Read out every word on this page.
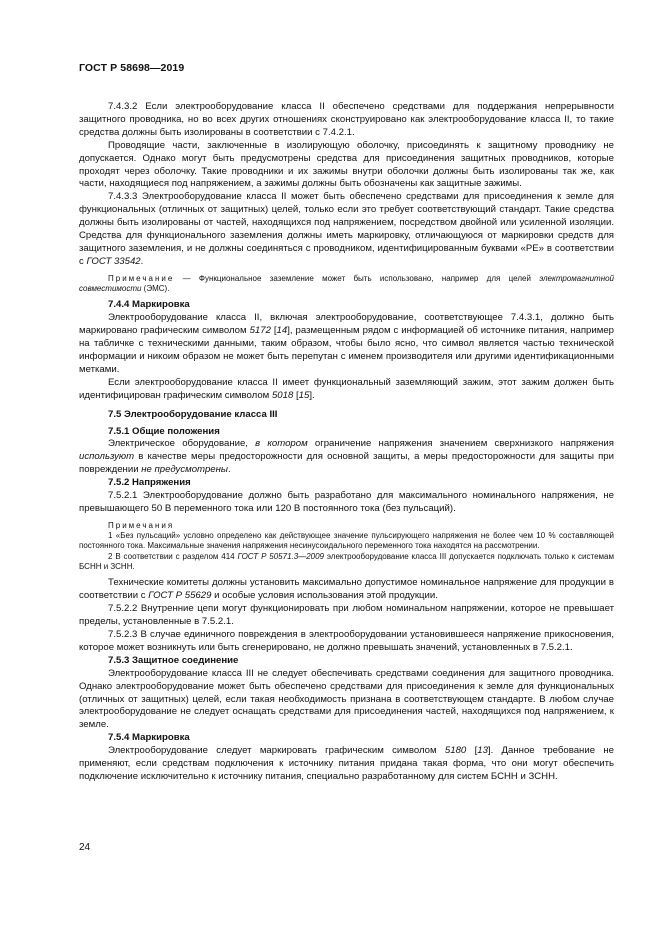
ГОСТ Р 58698—2019

7.4.3.2 Если электрооборудование класса II обеспечено средствами для поддержания непрерывности защитного проводника, но во всех других отношениях сконструировано как электрооборудование класса II, то такие средства должны быть изолированы в соответствии с 7.4.2.1.

Проводящие части, заключенные в изолирующую оболочку, присоединять к защитному проводнику не допускается. Однако могут быть предусмотрены средства для присоединения защитных проводников, которые проходят через оболочку. Такие проводники и их зажимы внутри оболочки должны быть изолированы так же, как части, находящиеся под напряжением, а зажимы должны быть обозначены как защитные зажимы.

7.4.3.3 Электрооборудование класса II может быть обеспечено средствами для присоединения к земле для функциональных (отличных от защитных) целей, только если это требует соответствующий стандарт. Такие средства должны быть изолированы от частей, находящихся под напряжением, посредством двойной или усиленной изоляции. Средства для функционального заземления должны иметь маркировку, отличающуюся от маркировки средств для защитного заземления, и не должны соединяться с проводником, идентифицированным буквами «PE» в соответствии с ГОСТ 33542.

Примечание — Функциональное заземление может быть использовано, например для целей электромагнитной совместимости (ЭМС).
7.4.4 Маркировка

Электрооборудование класса II, включая электрооборудование, соответствующее 7.4.3.1, должно быть маркировано графическим символом 5172 [14], размещенным рядом с информацией об источнике питания, например на табличке с техническими данными, таким образом, чтобы было ясно, что символ является частью технической информации и никоим образом не может быть перепутан с именем производителя или другими идентификационными метками.

Если электрооборудование класса II имеет функциональный заземляющий зажим, этот зажим должен быть идентифицирован графическим символом 5018 [15].

7.5 Электрооборудование класса III
7.5.1 Общие положения

Электрическое оборудование, в котором ограничение напряжения значением сверхнизкого напряжения используют в качестве меры предосторожности для основной защиты, а меры предосторожности для защиты при повреждении не предусмотрены.

7.5.2 Напряжения

7.5.2.1 Электрооборудование должно быть разработано для максимального номинального напряжения, не превышающего 50 В переменного тока или 120 В постоянного тока (без пульсаций).

Примечания
1 «Без пульсаций» условно определено как действующее значение пульсирующего напряжения не более чем 10 % составляющей постоянного тока. Максимальные значения напряжения несинусоидального переменного тока находятся на рассмотрении.
2 В соответствии с разделом 414 ГОСТ Р 50571.3—2009 электрооборудование класса III допускается подключать только к системам БСНН и ЗСНН.

Технические комитеты должны установить максимально допустимое номинальное напряжение для продукции в соответствии с ГОСТ Р 55629 и особые условия использования этой продукции.

7.5.2.2 Внутренние цепи могут функционировать при любом номинальном напряжении, которое не превышает пределы, установленные в 7.5.2.1.

7.5.2.3 В случае единичного повреждения в электрооборудовании установившееся напряжение прикосновения, которое может возникнуть или быть сгенерировано, не должно превышать значений, установленных в 7.5.2.1.

7.5.3 Защитное соединение

Электрооборудование класса III не следует обеспечивать средствами соединения для защитного проводника. Однако электрооборудование может быть обеспечено средствами для присоединения к земле для функциональных (отличных от защитных) целей, если такая необходимость признана в соответствующем стандарте. В любом случае электрооборудование не следует оснащать средствами для присоединения частей, находящихся под напряжением, к земле.

7.5.4 Маркировка

Электрооборудование следует маркировать графическим символом 5180 [13]. Данное требование не применяют, если средствам подключения к источнику питания придана такая форма, что они могут обеспечить подключение исключительно к источнику питания, специально разработанному для систем БСНН и ЗСНН.

24
